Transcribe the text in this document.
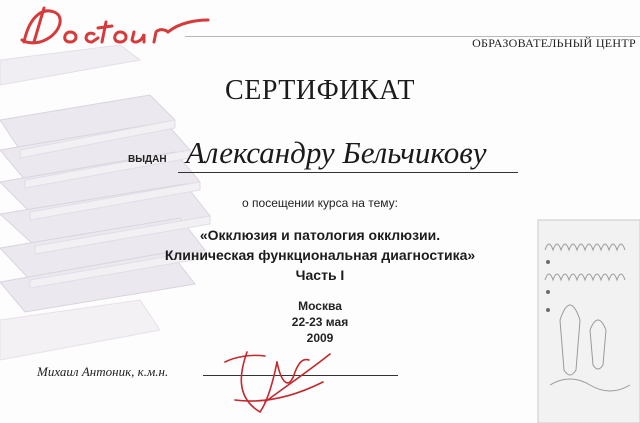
ОБРАЗОВАТЕЛЬНЫЙ ЦЕНТР
СЕРТИФИКАТ
ВЫДАН Александру Бельчикову
о посещении курса на тему:
«Окклюзия и патология окклюзии.
Клиническая функциональная диагностика»
Часть I
Москва
22-23 мая
2009
Михаил Антоник, к.м.н.
